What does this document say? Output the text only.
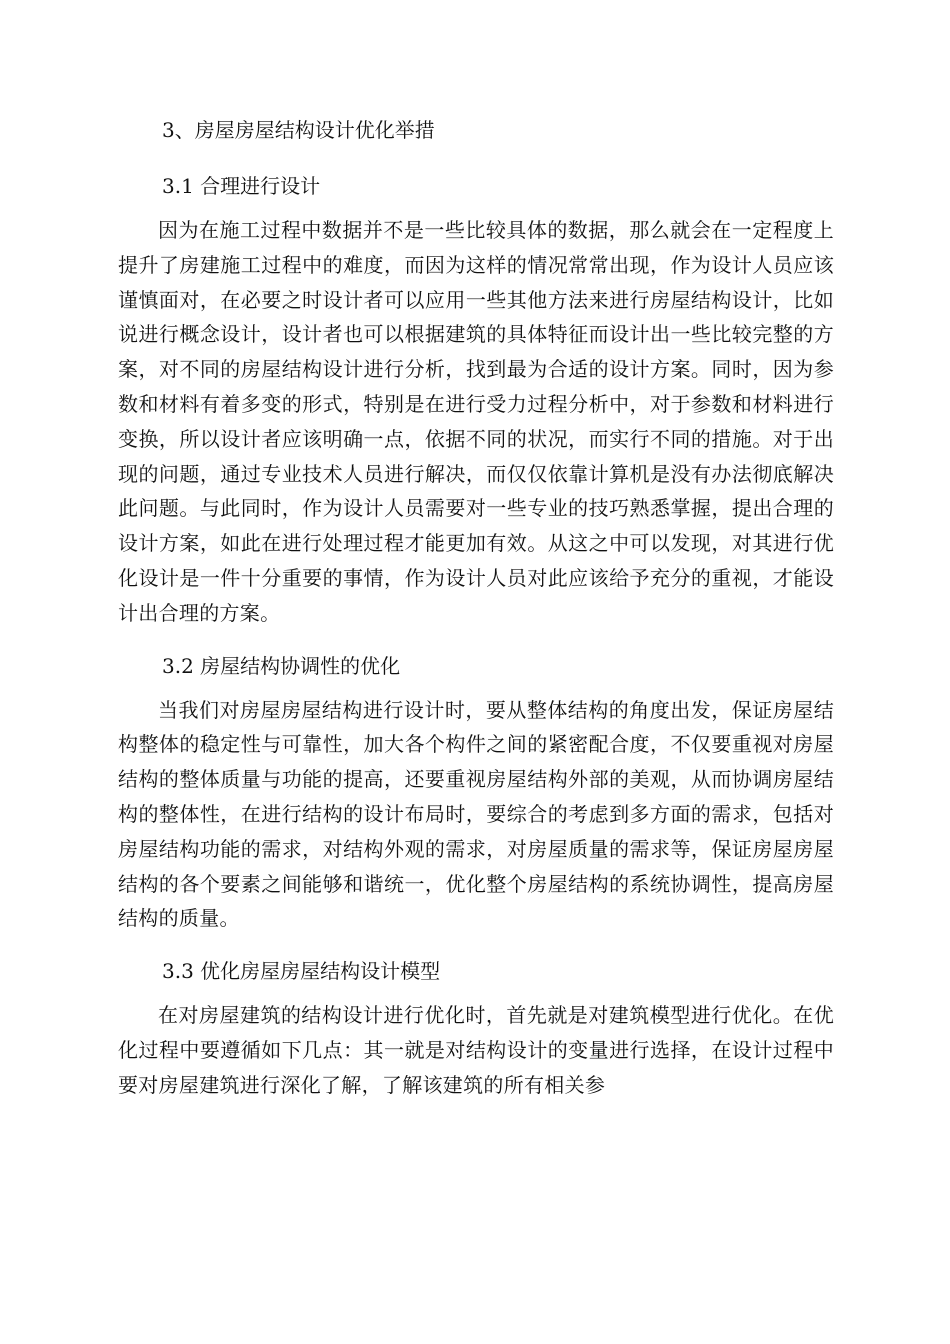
3、房屋房屋结构设计优化举措
3.1 合理进行设计

因为在施工过程中数据并不是一些比较具体的数据，那么就会在一定程度上提升了房建施工过程中的难度，而因为这样的情况常常出现，作为设计人员应该谨慎面对，在必要之时设计者可以应用一些其他方法来进行房屋结构设计，比如说进行概念设计，设计者也可以根据建筑的具体特征而设计出一些比较完整的方案，对不同的房屋结构设计进行分析，找到最为合适的设计方案。同时，因为参数和材料有着多变的形式，特别是在进行受力过程分析中，对于参数和材料进行变换，所以设计者应该明确一点，依据不同的状况，而实行不同的措施。对于出现的问题，通过专业技术人员进行解决，而仅仅依靠计算机是没有办法彻底解决此问题。与此同时，作为设计人员需要对一些专业的技巧熟悉掌握，提出合理的设计方案，如此在进行处理过程才能更加有效。从这之中可以发现，对其进行优化设计是一件十分重要的事情，作为设计人员对此应该给予充分的重视，才能设计出合理的方案。

3.2 房屋结构协调性的优化

当我们对房屋房屋结构进行设计时，要从整体结构的角度出发，保证房屋结构整体的稳定性与可靠性，加大各个构件之间的紧密配合度，不仅要重视对房屋结构的整体质量与功能的提高，还要重视房屋结构外部的美观，从而协调房屋结构的整体性，在进行结构的设计布局时，要综合的考虑到多方面的需求，包括对房屋结构功能的需求，对结构外观的需求，对房屋质量的需求等，保证房屋房屋结构的各个要素之间能够和谐统一，优化整个房屋结构的系统协调性，提高房屋结构的质量。

3.3 优化房屋房屋结构设计模型

在对房屋建筑的结构设计进行优化时，首先就是对建筑模型进行优化。在优化过程中要遵循如下几点：其一就是对结构设计的变量进行选择，在设计过程中要对房屋建筑进行深化了解，了解该建筑的所有相关参
